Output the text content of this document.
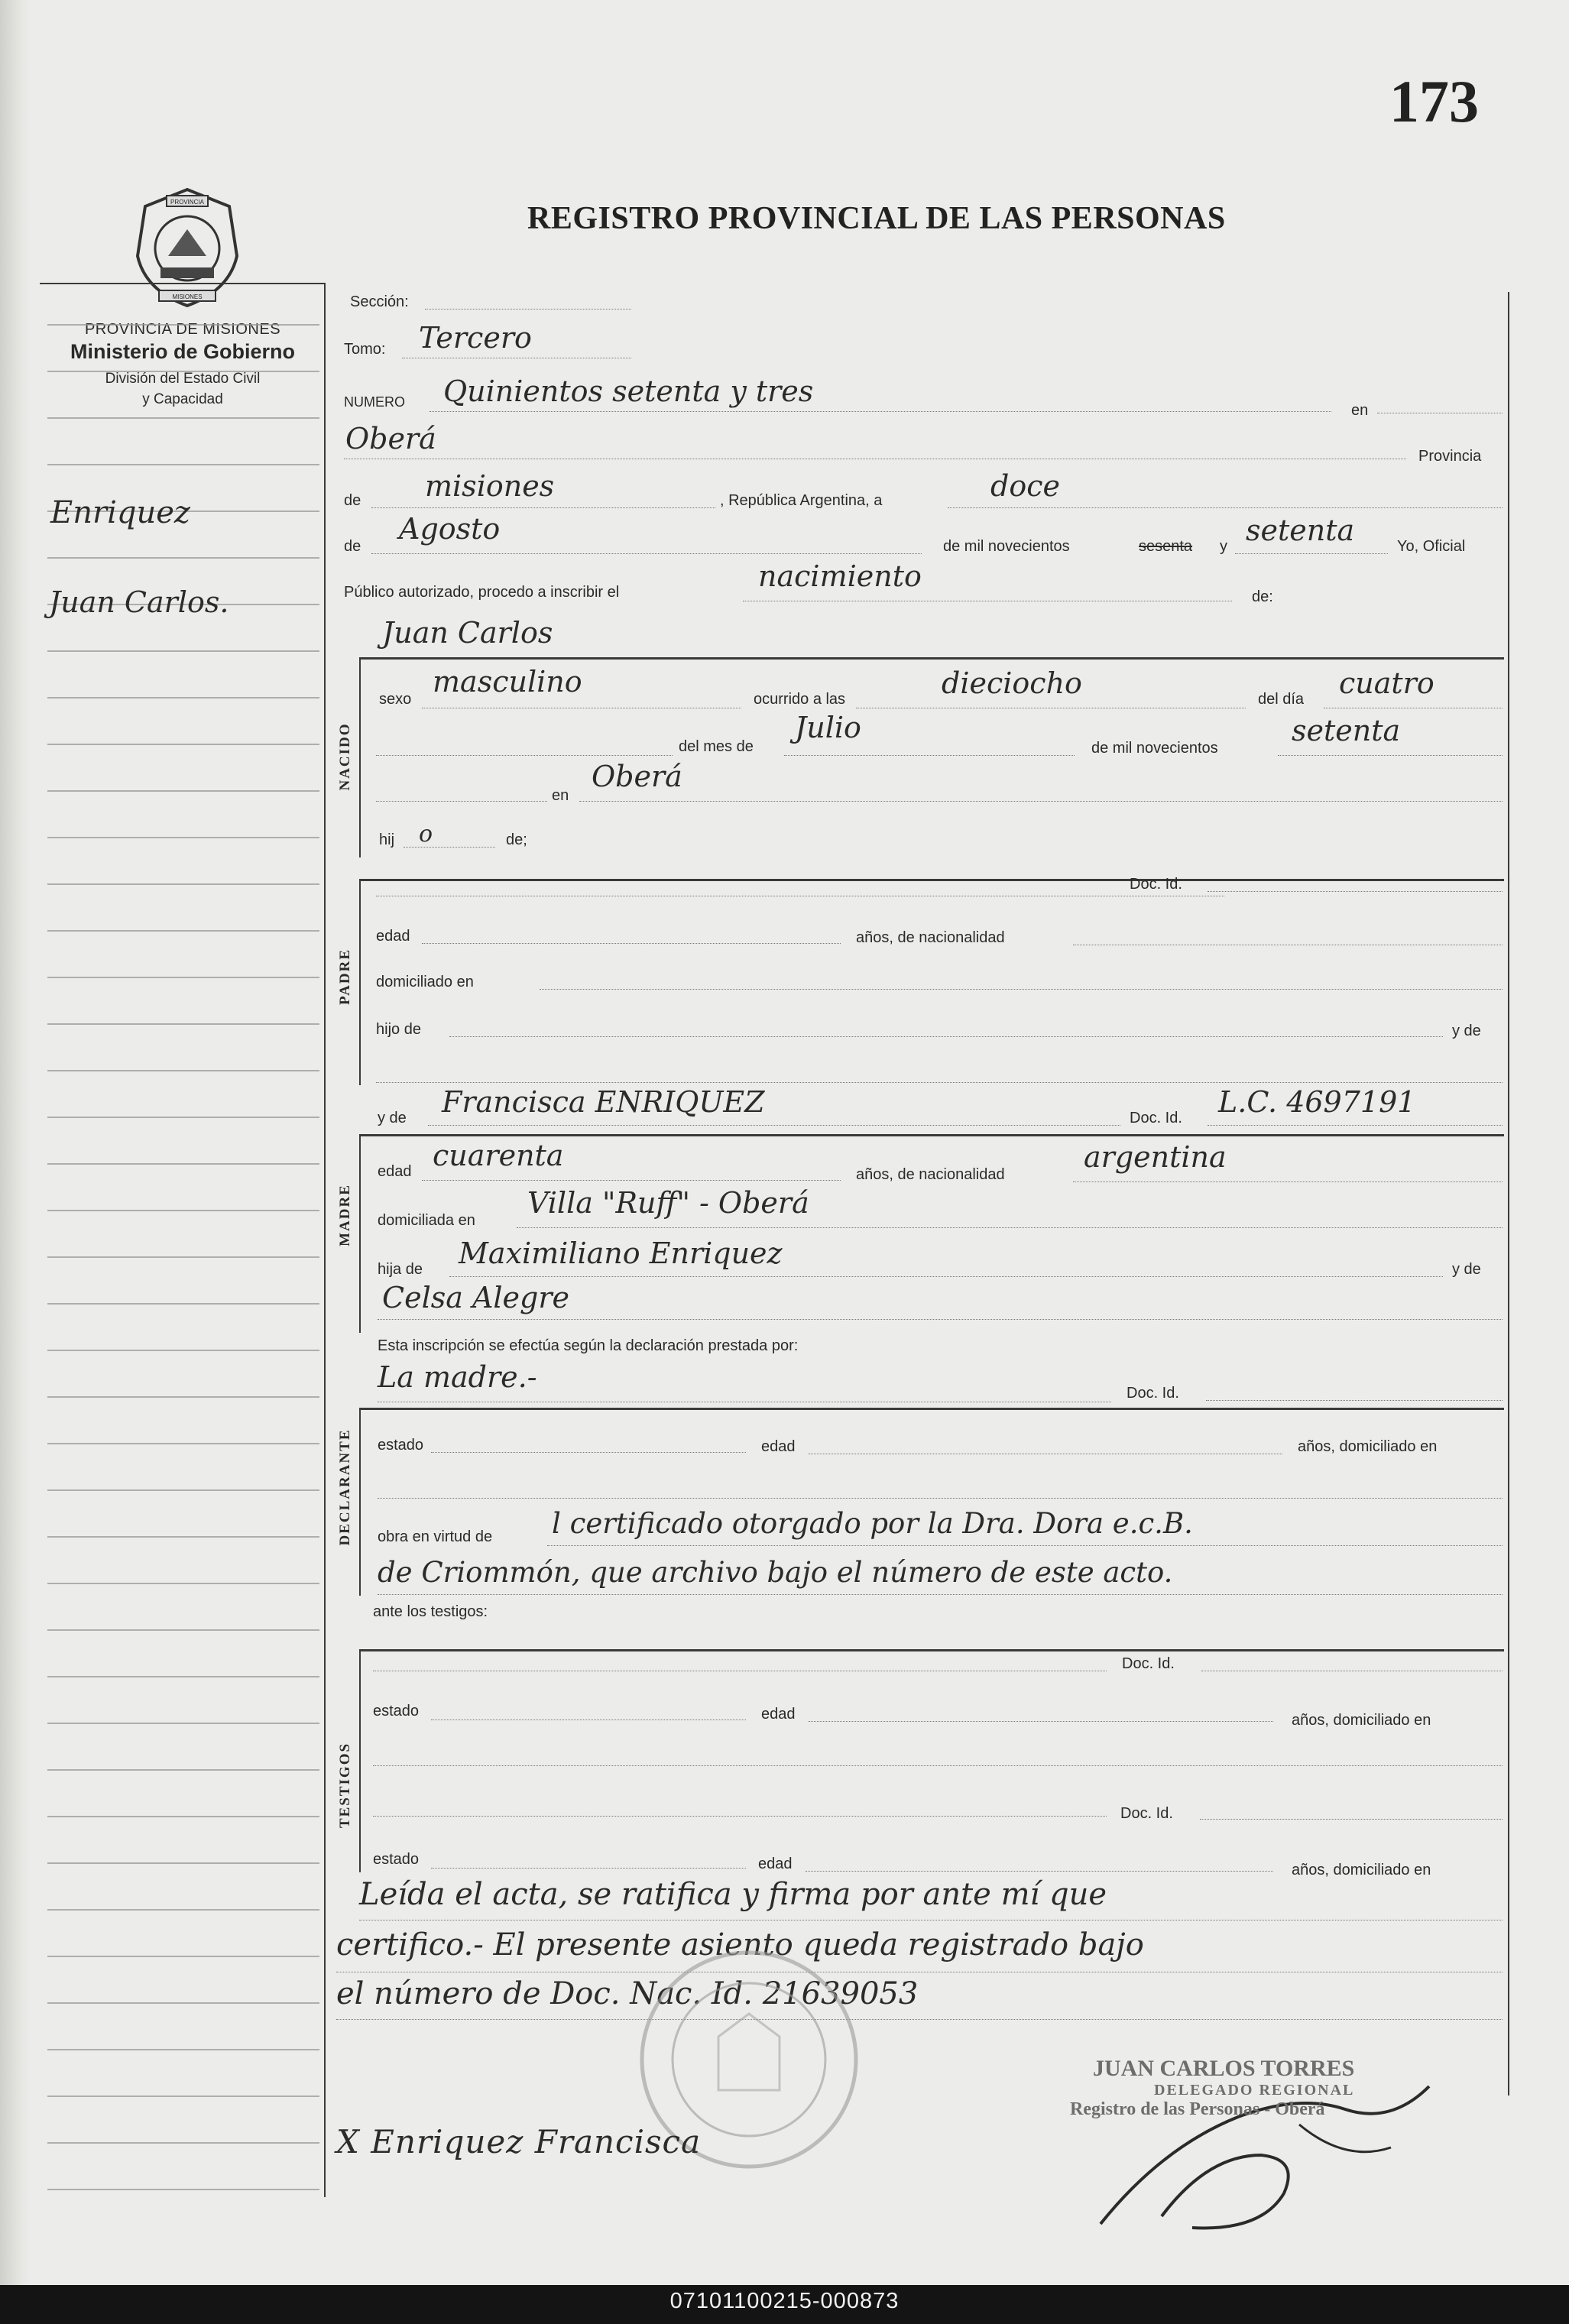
173
PROVINCIA
MISIONES
REGISTRO PROVINCIAL DE LAS PERSONAS
PROVINCIA DE MISIONES
Ministerio de Gobierno
División del Estado Civil
y Capacidad
Enriquez
Juan Carlos.
Sección:
Tomo: Tercero
NUMERO Quinientos setenta y tres
en
Oberá
Provincia
de misiones	, República Argentina, a	doce
de
Agosto
de mil novecientos	sesenta y setenta	Yo, Oficial
Público autorizado, procedo a inscribir el	nacimiento
de:
Juan Carlos
NACIDO
sexo
masculino
ocurrido a las	dieciocho	del día cuatro
del mes de
Julio
de mil novecientos
setenta
en
Oberá
hij o	de;
PADRE
Doc. Id.
edad	años, de nacionalidad
domiciliado en
hijo de	y de
y de Francisca ENRIQUEZ	Doc. Id. L.C. 4697191
MADRE
edad cuarenta
años, de nacionalidad
argentina
domiciliada en
Villa "Ruff" - Oberá
hija de Maximiliano Enriquez	y de
Celsa Alegre
Esta inscripción se efectúa según la declaración prestada por:
La madre.-	Doc. Id.
DECLARANTE estado	edad	años, domiciliado en
obra en virtud de l certificado otorgado por la Dra. Dora e.c.B.
de Criommón, que archivo bajo el número de este acto.
ante los testigos:
TESTIGOS
Doc. Id.
estado	edad	años, domiciliado en
Doc. Id.
estado	edad	años, domiciliado en
Leída el acta, se ratifica y firma por ante mí que
certifico.- El presente asiento queda registrado bajo
el número de Doc. Nac. Id. 21639053
X Enriquez Francisca
JUAN CARLOS TORRES
DELEGADO REGIONAL
Registro de las Personas - Oberá
07101100215-000873
